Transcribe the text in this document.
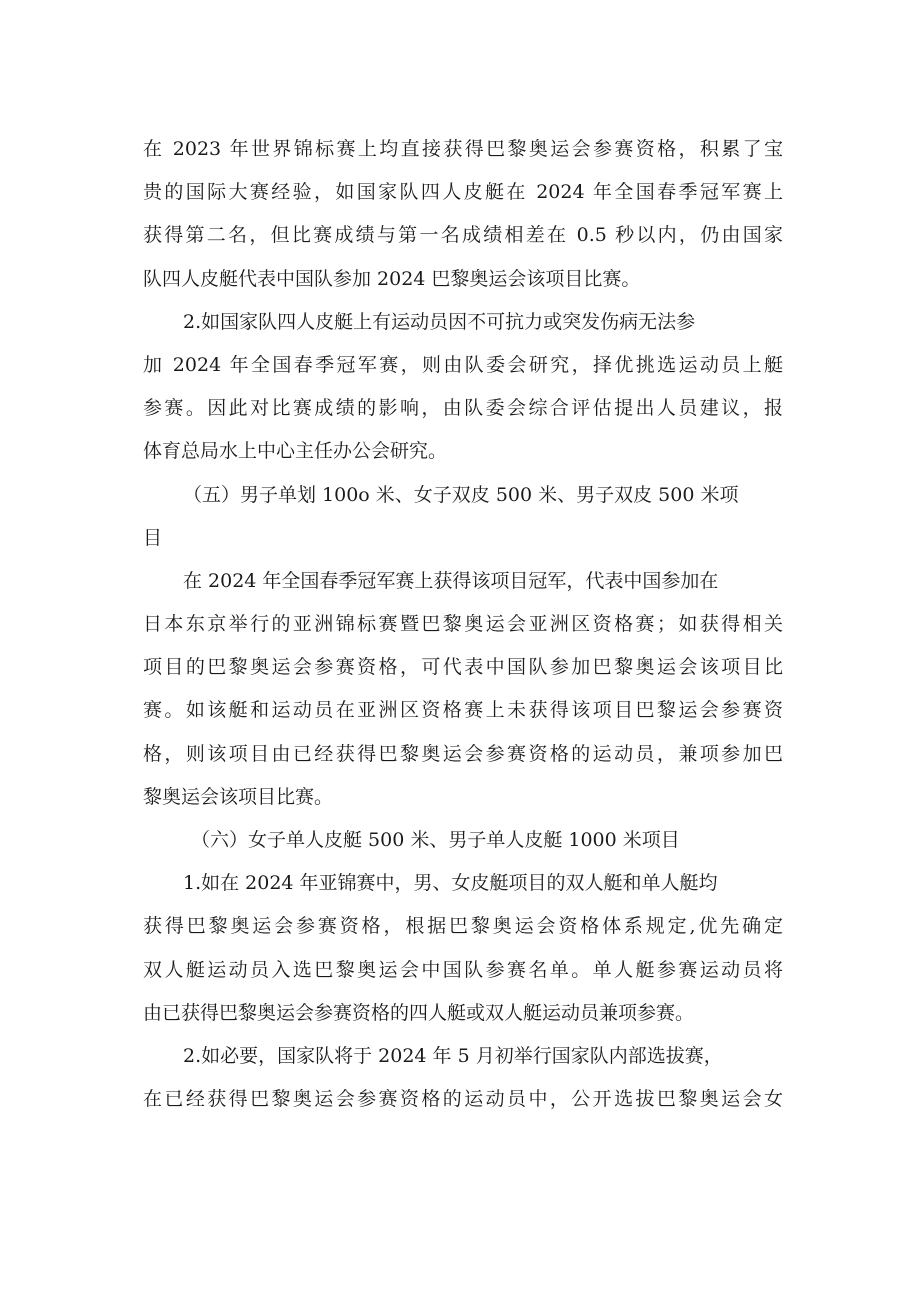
在 2023 年世界锦标赛上均直接获得巴黎奥运会参赛资格，积累了宝
贵的国际大赛经验，如国家队四人皮艇在 2024 年全国春季冠军赛上
获得第二名，但比赛成绩与第一名成绩相差在 0.5 秒以内，仍由国家
队四人皮艇代表中国队参加 2024 巴黎奥运会该项目比赛。
2.如国家队四人皮艇上有运动员因不可抗力或突发伤病无法参
加 2024 年全国春季冠军赛，则由队委会研究，择优挑选运动员上艇
参赛。因此对比赛成绩的影响，由队委会综合评估提出人员建议，报
体育总局水上中心主任办公会研究。
（五）男子单划 100o 米、女子双皮 500 米、男子双皮 500 米项
目
在 2024 年全国春季冠军赛上获得该项目冠军，代表中国参加在
日本东京举行的亚洲锦标赛暨巴黎奥运会亚洲区资格赛；如获得相关
项目的巴黎奥运会参赛资格，可代表中国队参加巴黎奥运会该项目比
赛。如该艇和运动员在亚洲区资格赛上未获得该项目巴黎运会参赛资
格，则该项目由已经获得巴黎奥运会参赛资格的运动员，兼项参加巴
黎奥运会该项目比赛。
（六）女子单人皮艇 500 米、男子单人皮艇 1000 米项目
1.如在 2024 年亚锦赛中，男、女皮艇项目的双人艇和单人艇均
获得巴黎奥运会参赛资格，根据巴黎奥运会资格体系规定,优先确定
双人艇运动员入选巴黎奥运会中国队参赛名单。单人艇参赛运动员将
由已获得巴黎奥运会参赛资格的四人艇或双人艇运动员兼项参赛。
2.如必要，国家队将于 2024 年 5 月初举行国家队内部选拔赛，
在已经获得巴黎奥运会参赛资格的运动员中，公开选拔巴黎奥运会女
